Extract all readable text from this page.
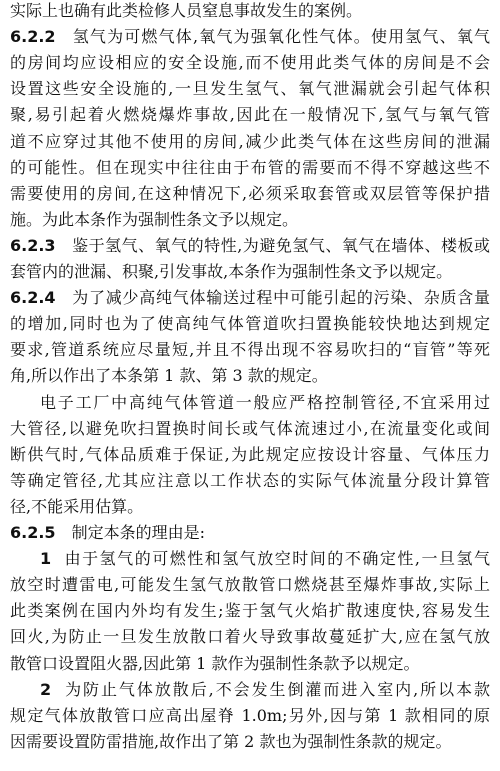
实际上也确有此类检修人员窒息事故发生的案例。
6.2.2  氢气为可燃气体,氧气为强氧化性气体。使用氢气、氧气
的房间均应设相应的安全设施,而不使用此类气体的房间是不会
设置这些安全设施的,一旦发生氢气、氧气泄漏就会引起气体积
聚,易引起着火燃烧爆炸事故,因此在一般情况下,氢气与氧气管
道不应穿过其他不使用的房间,减少此类气体在这些房间的泄漏
的可能性。但在现实中往往由于布管的需要而不得不穿越这些不
需要使用的房间,在这种情况下,必须采取套管或双层管等保护措
施。为此本条作为强制性条文予以规定。
6.2.3  鉴于氢气、氧气的特性,为避免氢气、氧气在墙体、楼板或
套管内的泄漏、积聚,引发事故,本条作为强制性条文予以规定。
6.2.4  为了减少高纯气体输送过程中可能引起的污染、杂质含量
的增加,同时也为了使高纯气体管道吹扫置换能较快地达到规定
要求,管道系统应尽量短,并且不得出现不容易吹扫的“盲管”等死
角,所以作出了本条第 1 款、第 3 款的规定。
电子工厂中高纯气体管道一般应严格控制管径,不宜采用过
大管径,以避免吹扫置换时间长或气体流速过小,在流量变化或间
断供气时,气体品质难于保证,为此规定应按设计容量、气体压力
等确定管径,尤其应注意以工作状态的实际气体流量分段计算管
径,不能采用估算。
6.2.5  制定本条的理由是:
1 由于氢气的可燃性和氢气放空时间的不确定性,一旦氢气
放空时遭雷电,可能发生氢气放散管口燃烧甚至爆炸事故,实际上
此类案例在国内外均有发生;鉴于氢气火焰扩散速度快,容易发生
回火,为防止一旦发生放散口着火导致事故蔓延扩大,应在氢气放
散管口设置阻火器,因此第 1 款作为强制性条款予以规定。
2 为防止气体放散后,不会发生倒灌而进入室内,所以本款
规定气体放散管口应高出屋脊 1.0m;另外,因与第 1 款相同的原
因需要设置防雷措施,故作出了第 2 款也为强制性条款的规定。
